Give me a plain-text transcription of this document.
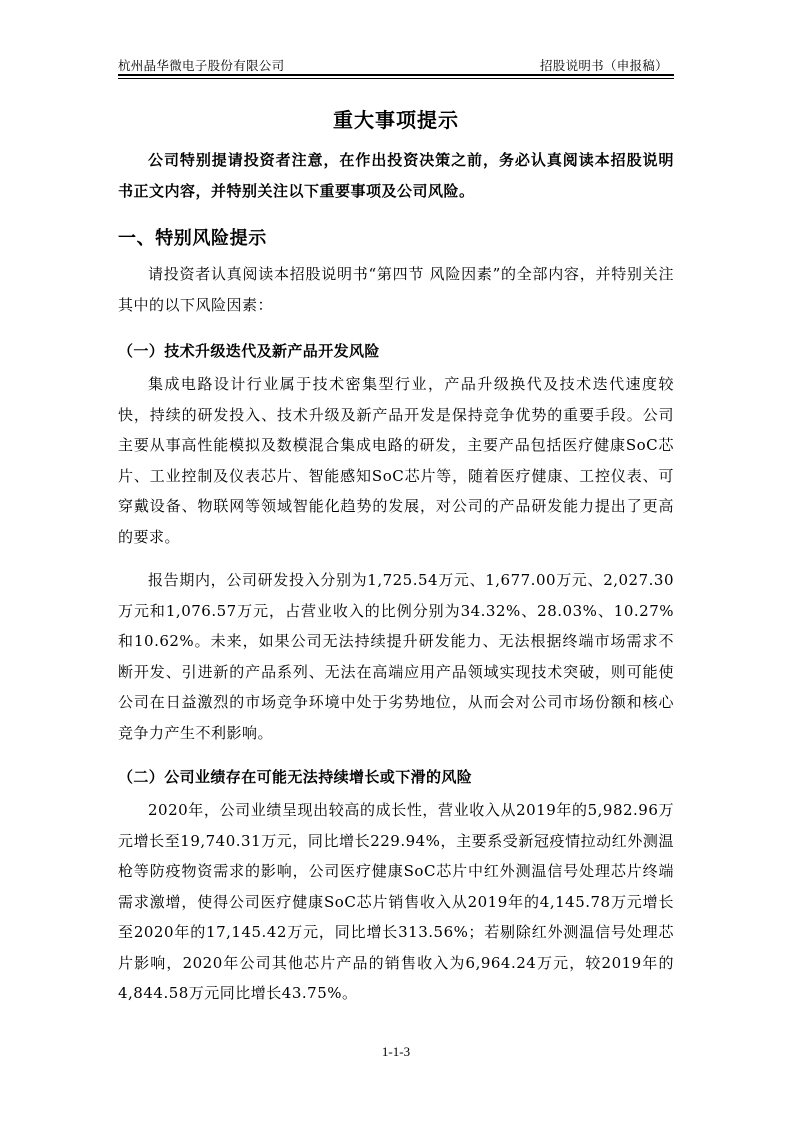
杭州晶华微电子股份有限公司	招股说明书（申报稿）
重大事项提示
公司特别提请投资者注意，在作出投资决策之前，务必认真阅读本招股说明书正文内容，并特别关注以下重要事项及公司风险。
一、特别风险提示
请投资者认真阅读本招股说明书“第四节 风险因素”的全部内容，并特别关注其中的以下风险因素：
（一）技术升级迭代及新产品开发风险
集成电路设计行业属于技术密集型行业，产品升级换代及技术迭代速度较快，持续的研发投入、技术升级及新产品开发是保持竞争优势的重要手段。公司主要从事高性能模拟及数模混合集成电路的研发，主要产品包括医疗健康SoC芯片、工业控制及仪表芯片、智能感知SoC芯片等，随着医疗健康、工控仪表、可穿戴设备、物联网等领域智能化趋势的发展，对公司的产品研发能力提出了更高的要求。
报告期内，公司研发投入分别为1,725.54万元、1,677.00万元、2,027.30万元和1,076.57万元，占营业收入的比例分别为34.32%、28.03%、10.27%和10.62%。未来，如果公司无法持续提升研发能力、无法根据终端市场需求不断开发、引进新的产品系列、无法在高端应用产品领域实现技术突破，则可能使公司在日益激烈的市场竞争环境中处于劣势地位，从而会对公司市场份额和核心竞争力产生不利影响。
（二）公司业绩存在可能无法持续增长或下滑的风险
2020年，公司业绩呈现出较高的成长性，营业收入从2019年的5,982.96万元增长至19,740.31万元，同比增长229.94%，主要系受新冠疫情拉动红外测温枪等防疫物资需求的影响，公司医疗健康SoC芯片中红外测温信号处理芯片终端需求激增，使得公司医疗健康SoC芯片销售收入从2019年的4,145.78万元增长至2020年的17,145.42万元，同比增长313.56%；若剔除红外测温信号处理芯片影响，2020年公司其他芯片产品的销售收入为6,964.24万元，较2019年的4,844.58万元同比增长43.75%。
1-1-3
